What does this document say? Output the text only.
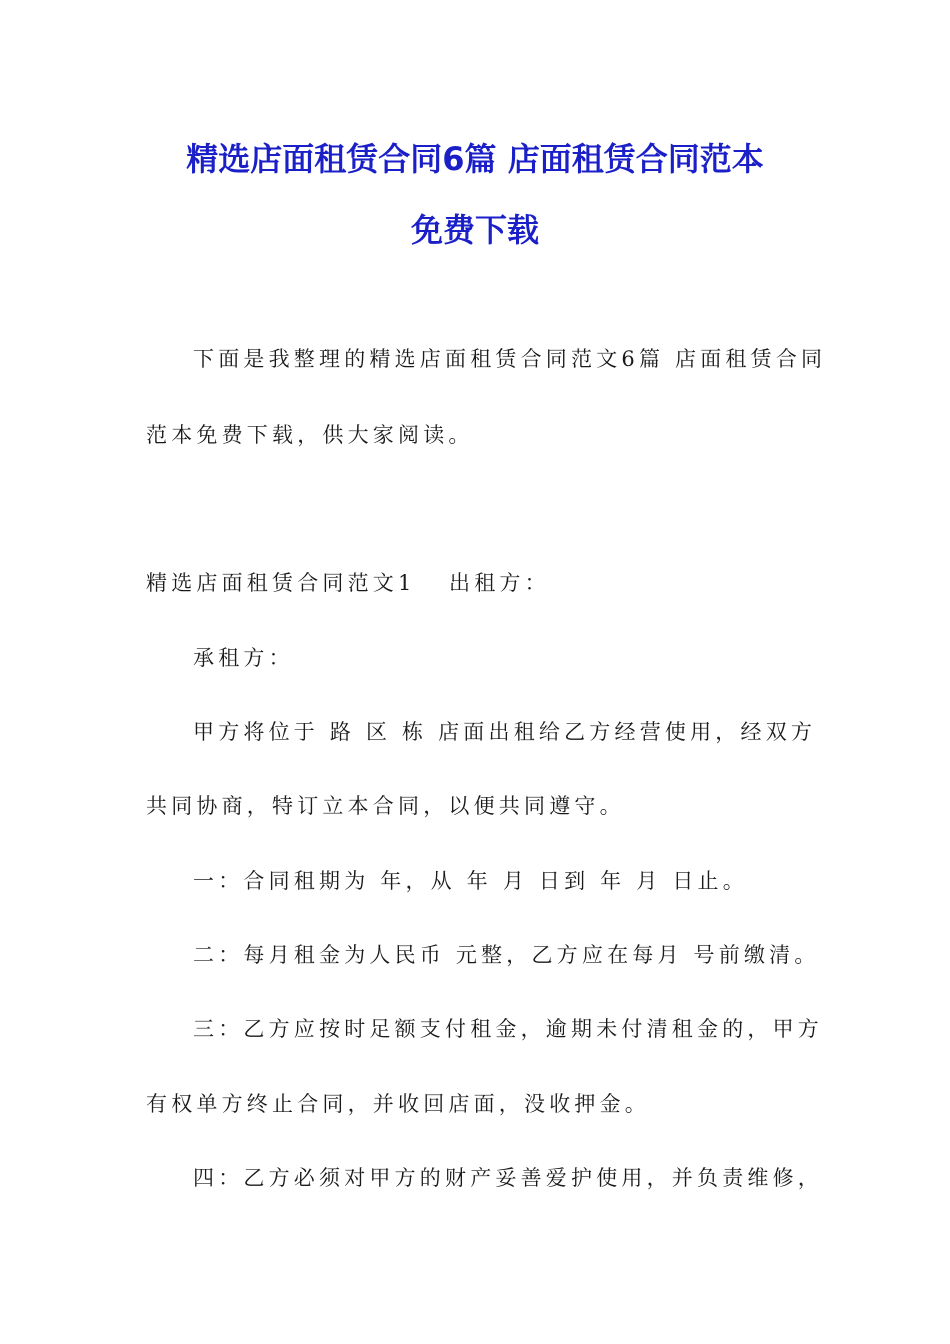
精选店面租赁合同6篇 店面租赁合同范本
免费下载
下面是我整理的精选店面租赁合同范文6篇 店面租赁合同
范本免费下载，供大家阅读。
精选店面租赁合同范文1 出租方：
承租方：
甲方将位于 路 区 栋 店面出租给乙方经营使用，经双方
共同协商，特订立本合同，以便共同遵守。
一：合同租期为 年，从 年 月 日到 年 月 日止。
二：每月租金为人民币 元整，乙方应在每月 号前缴清。
三：乙方应按时足额支付租金，逾期未付清租金的，甲方
有权单方终止合同，并收回店面，没收押金。
四：乙方必须对甲方的财产妥善爱护使用，并负责维修，
